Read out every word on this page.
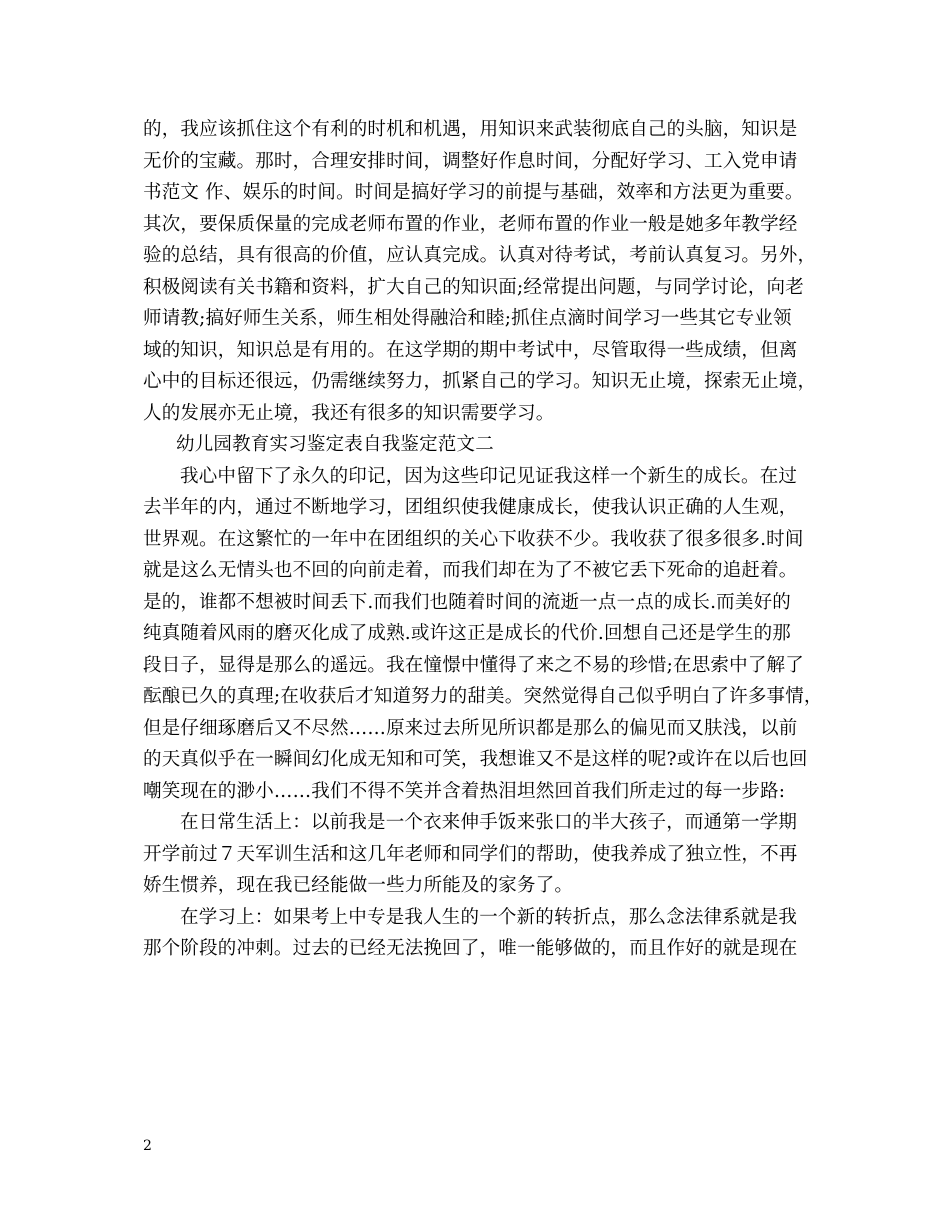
的，我应该抓住这个有利的时机和机遇，用知识来武装彻底自己的头脑，知识是
无价的宝藏。那时，合理安排时间，调整好作息时间，分配好学习、工入党申请
书范文 作、娱乐的时间。时间是搞好学习的前提与基础，效率和方法更为重要。
其次，要保质保量的完成老师布置的作业，老师布置的作业一般是她多年教学经
验的总结，具有很高的价值，应认真完成。认真对待考试，考前认真复习。另外，
积极阅读有关书籍和资料，扩大自己的知识面;经常提出问题，与同学讨论，向老
师请教;搞好师生关系，师生相处得融洽和睦;抓住点滴时间学习一些其它专业领
域的知识，知识总是有用的。在这学期的期中考试中，尽管取得一些成绩，但离
心中的目标还很远，仍需继续努力，抓紧自己的学习。知识无止境，探索无止境，
人的发展亦无止境，我还有很多的知识需要学习。
幼儿园教育实习鉴定表自我鉴定范文二
我心中留下了永久的印记，因为这些印记见证我这样一个新生的成长。在过
去半年的内，通过不断地学习，团组织使我健康成长，使我认识正确的人生观，
世界观。在这繁忙的一年中在团组织的关心下收获不少。我收获了很多很多.时间
就是这么无情头也不回的向前走着，而我们却在为了不被它丢下死命的追赶着。
是的，谁都不想被时间丢下.而我们也随着时间的流逝一点一点的成长.而美好的
纯真随着风雨的磨灭化成了成熟.或许这正是成长的代价.回想自己还是学生的那
段日子，显得是那么的遥远。我在憧憬中懂得了来之不易的珍惜;在思索中了解了
酝酿已久的真理;在收获后才知道努力的甜美。突然觉得自己似乎明白了许多事情，
但是仔细琢磨后又不尽然……原来过去所见所识都是那么的偏见而又肤浅，以前
的天真似乎在一瞬间幻化成无知和可笑，我想谁又不是这样的呢?或许在以后也回
嘲笑现在的渺小……我们不得不笑并含着热泪坦然回首我们所走过的每一步路:
在日常生活上：以前我是一个衣来伸手饭来张口的半大孩子，而通第一学期
开学前过７天军训生活和这几年老师和同学们的帮助，使我养成了独立性，不再
娇生惯养，现在我已经能做一些力所能及的家务了。
在学习上：如果考上中专是我人生的一个新的转折点，那么念法律系就是我
那个阶段的冲刺。过去的已经无法挽回了，唯一能够做的，而且作好的就是现在
2
